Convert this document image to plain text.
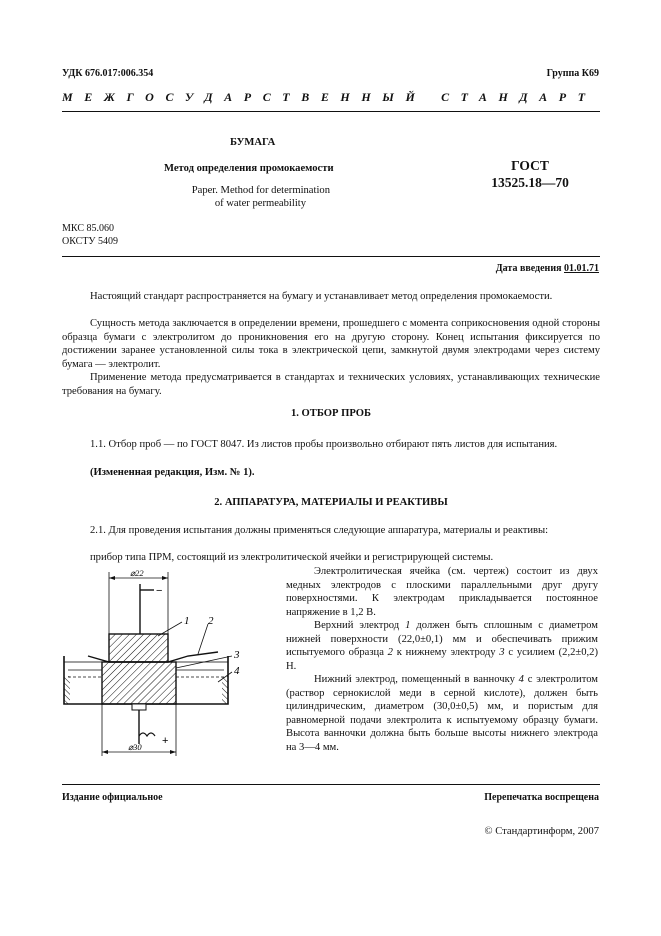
УДК 676.017:006.354	Группа К69
МЕЖГОСУДАРСТВЕННЫЙ СТАНДАРТ
БУМАГА
Метод определения промокаемости
Paper. Method for determination
of water permeability
ГОСТ
13525.18—70
МКС 85.060
ОКСТУ 5409
Дата введения 01.01.71

Настоящий стандарт распространяется на бумагу и устанавливает метод определения промокаемости.

Сущность метода заключается в определении времени, прошедшего с момента соприкосновения одной стороны образца бумаги с электролитом до проникновения его на другую сторону. Конец испытания фиксируется по достижении заранее установленной силы тока в электрической цепи, замкнутой двумя электродами через систему бумага — электролит.

Применение метода предусматривается в стандартах и технических условиях, устанавливающих технические требования на бумагу.

1. ОТБОР ПРОБ

1.1. Отбор проб — по ГОСТ 8047. Из листов пробы произвольно отбирают пять листов для испытания.

(Измененная редакция, Изм. № 1).

2. АППАРАТУРА, МАТЕРИАЛЫ И РЕАКТИВЫ

2.1. Для проведения испытания должны применяться следующие аппаратура, материалы и реактивы:

прибор типа ПРМ, состоящий из электролитической ячейки и регистрирующей системы.

Электролитическая ячейка (см. чертеж) состоит из двух медных электродов с плоскими параллельными друг другу поверхностями. К электродам прикладывается постоянное напряжение в 1,2 В.

Верхний электрод 1 должен быть сплошным с диаметром нижней поверхности (22,0±0,1) мм и обеспечивать прижим испытуемого образца 2 к нижнему электроду 3 с усилием (2,2±0,2) Н.

Нижний электрод, помещенный в ванночку 4 с электролитом (раствор сернокислой меди в серной кислоте), должен быть цилиндрическим, диаметром (30,0±0,5) мм, и пористым для равномерной подачи электролита к испытуемому образцу бумаги. Высота ванночки должна быть больше высоты нижнего электрода на 3—4 мм.

⌀22
−
+
⌀30
1 2
3
4
Издание официальное	Перепечатка воспрещена
© Стандартинформ, 2007
